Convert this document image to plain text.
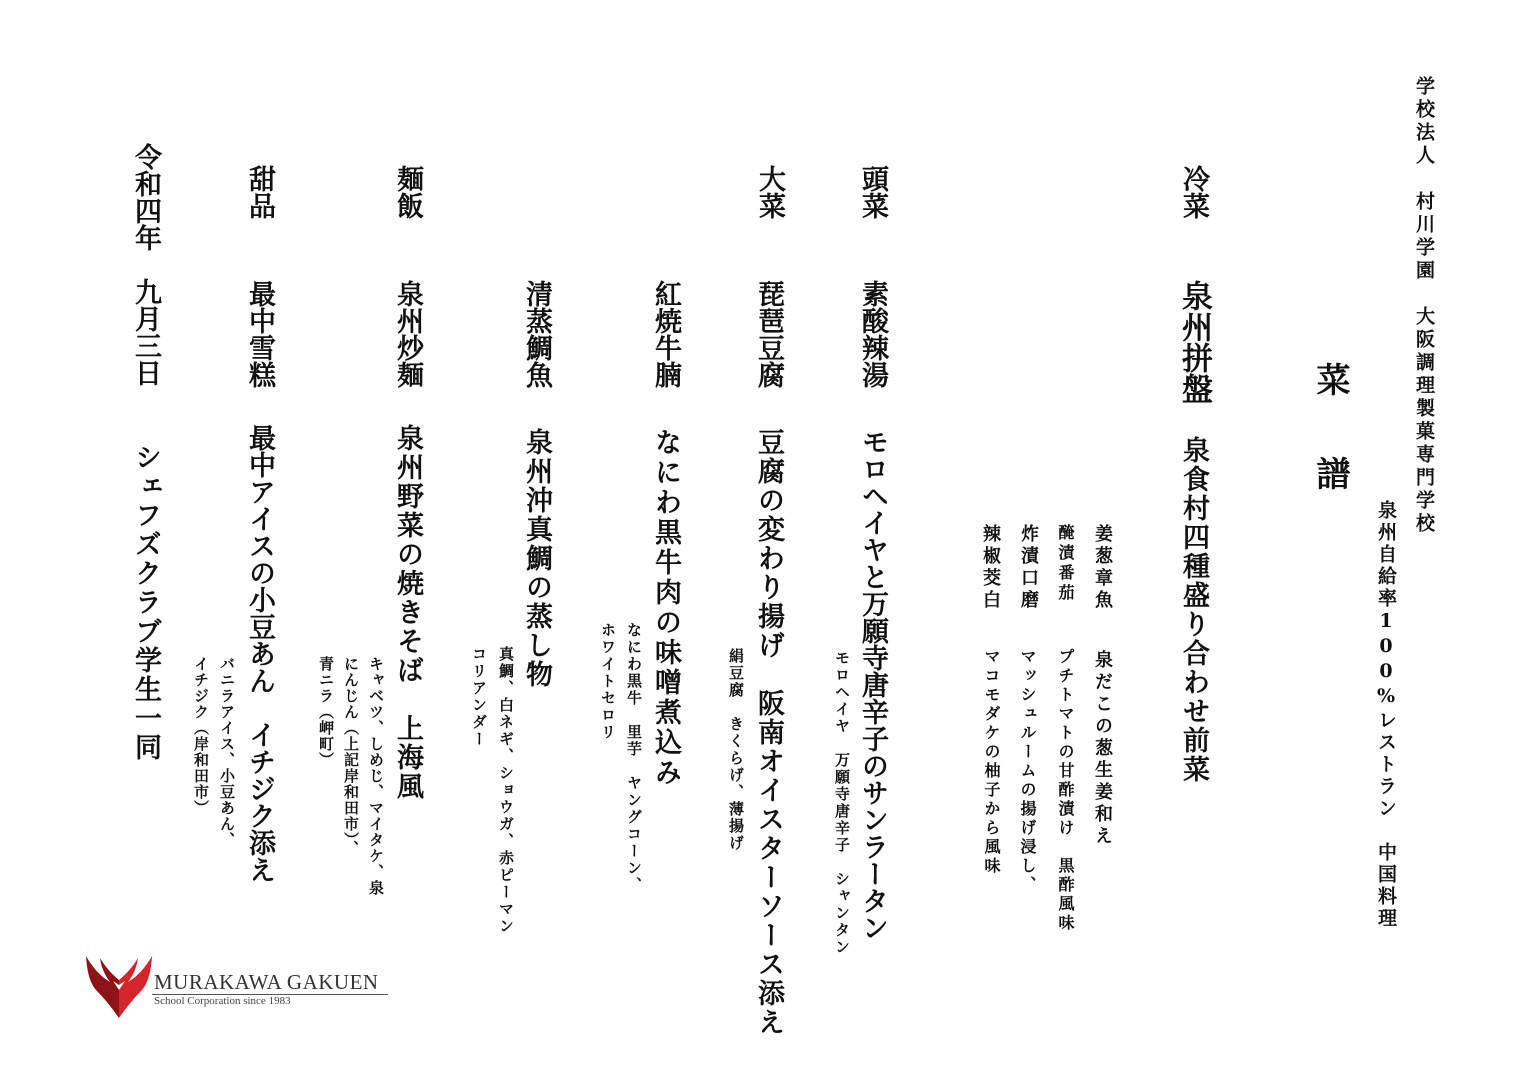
学校法人　村川学園　大阪調理製菓専門学校
泉州自給率100%レストラン　中国料理
菜譜
冷菜
泉州拼盤
泉食村四種盛り合わせ前菜
姜葱章魚
泉だこの葱生姜和え
醃漬番茄
プチトマトの甘酢漬け　黒酢風味
炸漬口磨
マッシュルームの揚げ浸し、
辣椒茭白
マコモダケの柚子から風味
頭菜
素酸辣湯
モロヘイヤと万願寺唐辛子のサンラータン
モロヘイヤ　万願寺唐辛子　シャンタン
大菜
琵琶豆腐
豆腐の変わり揚げ　阪南オイスターソース添え
絹豆腐　きくらげ、薄揚げ
紅焼牛腩
なにわ黒牛肉の味噌煮込み
なにわ黒牛　里芋　ヤングコーン、
ホワイトセロリ
清蒸鯛魚
泉州沖真鯛の蒸し物
真鯛、白ネギ、ショウガ、赤ピーマン
コリアンダー
麺飯
泉州炒麺
泉州野菜の焼きそば　上海風
キャベツ、しめじ、マイタケ、泉
にんじん（上記岸和田市）、
青ニラ（岬町）
甜品
最中雪糕
最中アイスの小豆あん　イチジク添え
バニラアイス、小豆あん、
イチジク（岸和田市）
令和四年　九月三日
シェフズクラブ学生一同
MURAKAWA GAKUEN
School Corporation since 1983
